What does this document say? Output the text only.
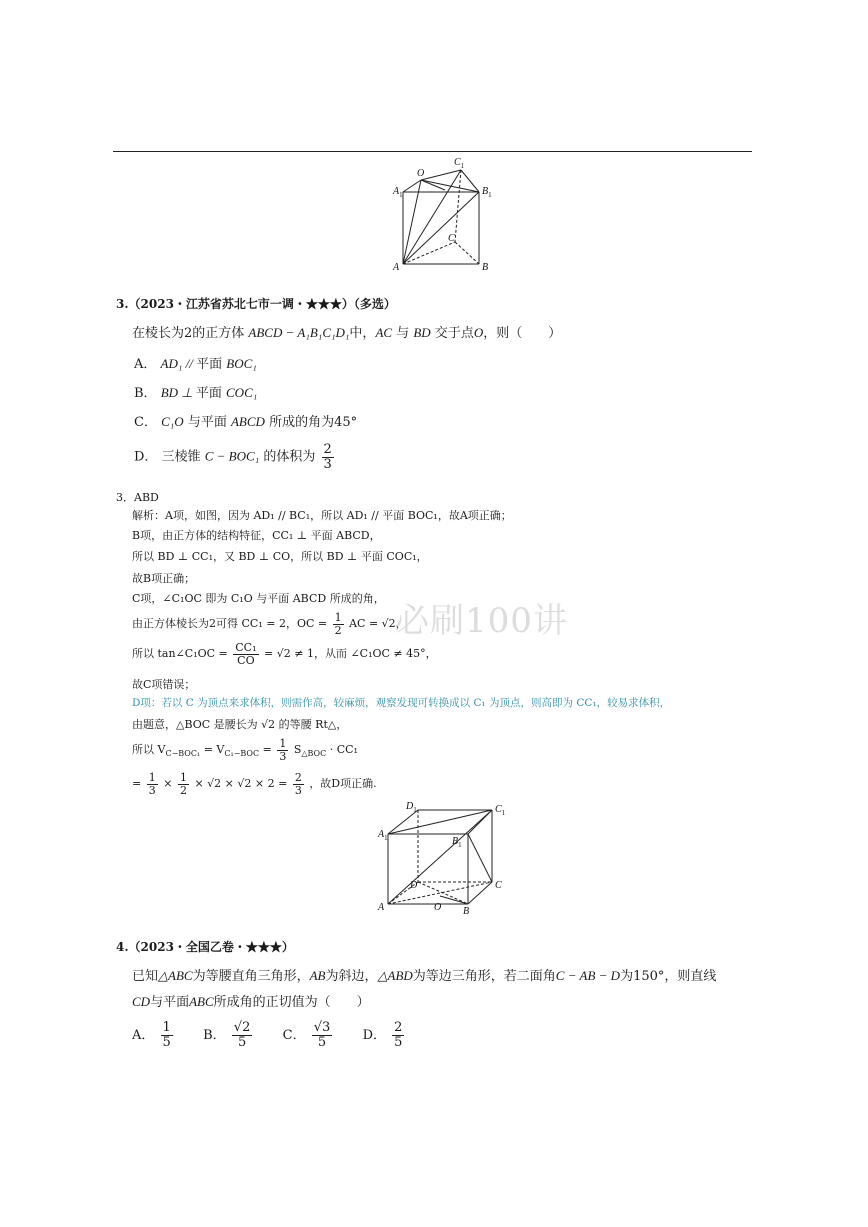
$A_1$
O
$C_1$
$B_1$
C
A	B
3.（2023・江苏省苏北七市一调・★★★）（多选）
在棱长为2的正方体 ABCD − A₁B₁C₁D₁中，AC 与 BD 交于点O，则（　　）
A． AD₁ // 平面 BOC₁
B． BD ⊥ 平面 COC₁
C． C₁O 与平面 ABCD 所成的角为45°
D． 三棱锥 C − BOC₁ 的体积为 $\frac{2}{3}$
3．ABD
解析：A项，如图，因为 AD₁ // BC₁，所以 AD₁ // 平面 BOC₁，故A项正确；
B项，由正方体的结构特征，CC₁ ⊥ 平面 ABCD，
所以 BD ⊥ CC₁，又 BD ⊥ CO，所以 BD ⊥ 平面 COC₁，
故B项正确；
C项，∠C₁OC 即为 C₁O 与平面 ABCD 所成的角，
由正方体棱长为2可得 CC₁ = 2，OC = $\frac{1}{2}$ AC = √2，
所以 tan∠C₁OC = $\frac{\text{CC₁}}{CO} = √2 \ne 1$，从而 ∠C₁OC ≠ 45°，
故C项错误；
D项：若以 C 为顶点来求体积，则需作高，较麻烦，观察发现可转换成以 C₁ 为顶点，则高即为 CC₁，较易求体积，
由题意，△BOC 是腰长为 √2 的等腰 Rt△，
所以 $V_{C-BOC_1} = V_{C_1-BOC} = \frac{1}{3} S_{\triangle BOC} \cdot CC_1$
= $\frac{1}{3} \times \frac{1}{2} \times √2 \times √2 \times 2 = \frac{2}{3}$ ，故D项正确.
必刷100讲
$D_1$	$C_1$
$A_1$	$B_1$
D	C
O
A	B
4.（2023・全国乙卷・★★★）
已知△ABC为等腰直角三角形，AB为斜边，△ABD为等边三角形，若二面角C − AB − D为150°，则直线
CD与平面ABC所成角的正切值为（　　）
A． $\frac{1}{5}$ B． $\frac{√2}{5}$ C． $\frac{√3}{5}$ D． $\frac{2}{5}$
